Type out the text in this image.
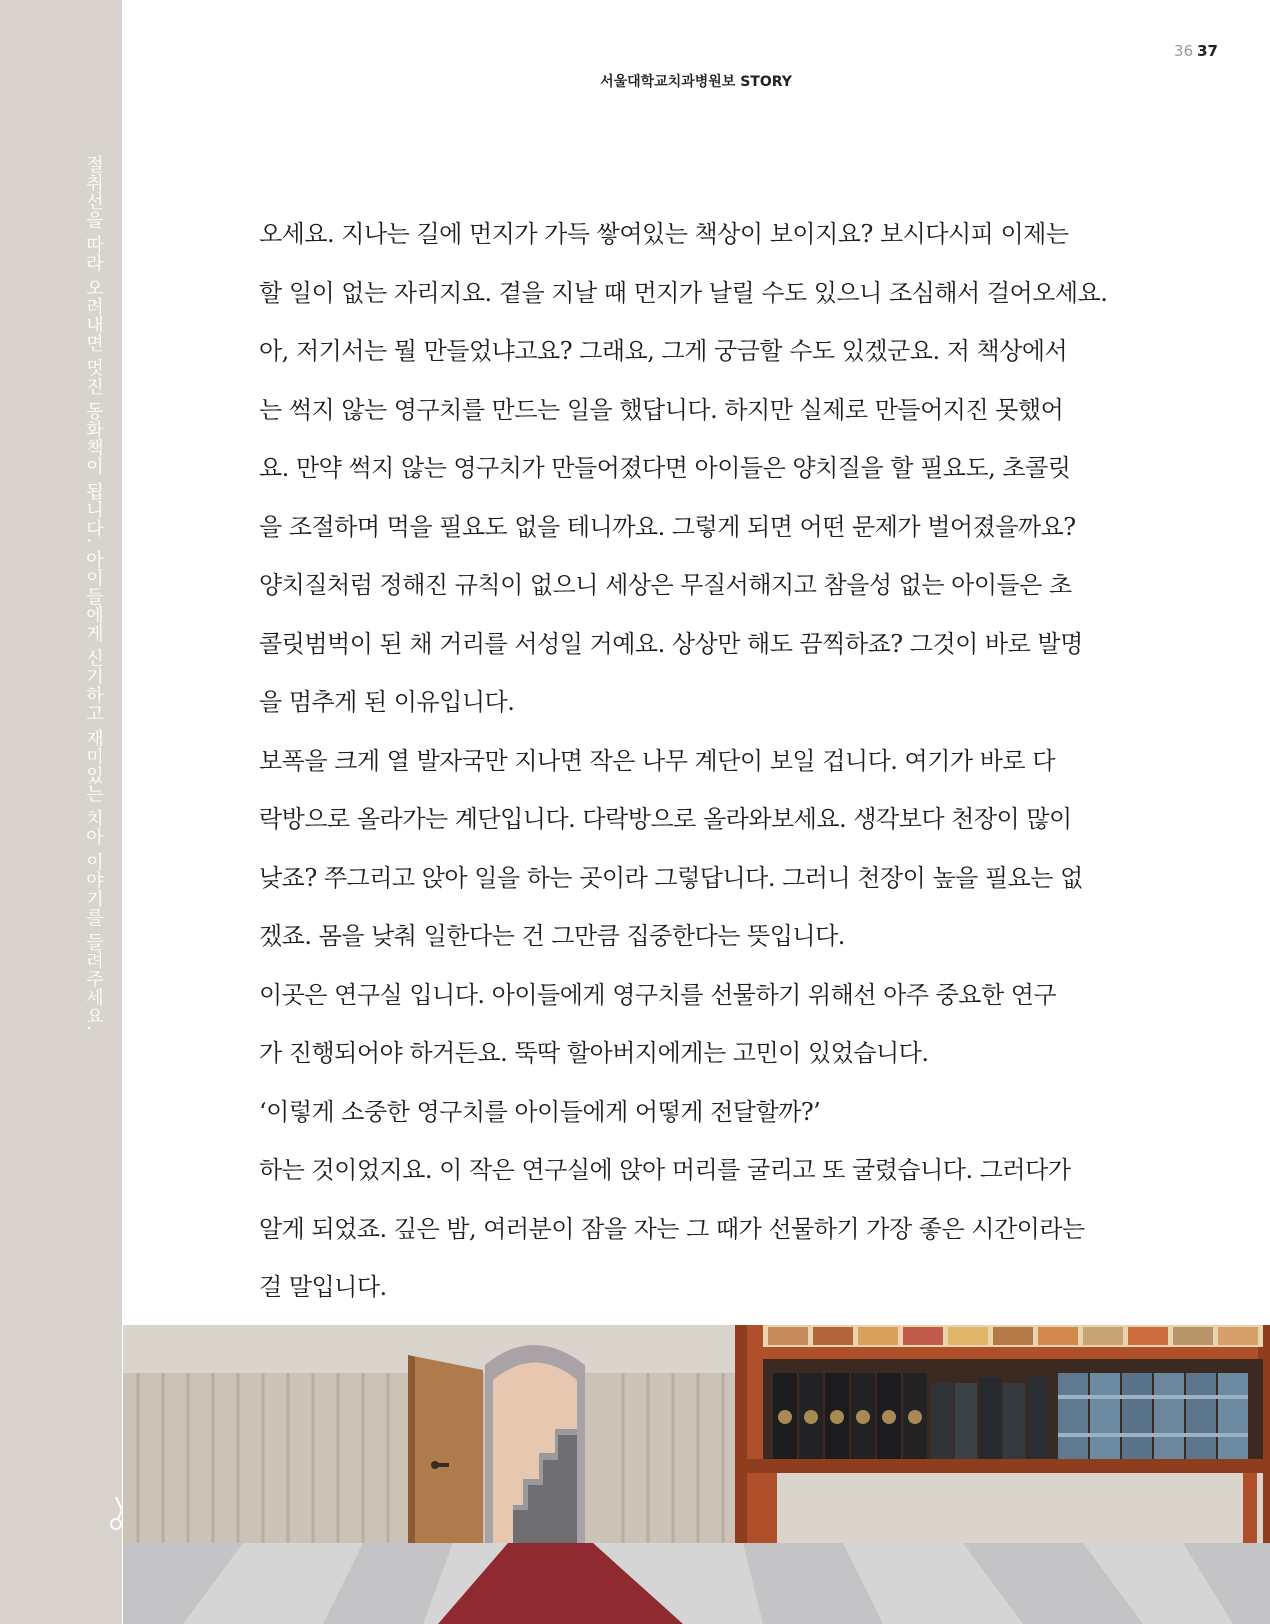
절취선을 따라 오려내면 멋진 동화책이 됩니다. 아이들에게 신기하고 재미있는 치아 이야기를 들려주세요.
36 37
서울대학교치과병원보 STORY
오세요. 지나는 길에 먼지가 가득 쌓여있는 책상이 보이지요? 보시다시피 이제는
할 일이 없는 자리지요. 곁을 지날 때 먼지가 날릴 수도 있으니 조심해서 걸어오세요.
아, 저기서는 뭘 만들었냐고요? 그래요, 그게 궁금할 수도 있겠군요. 저 책상에서
는 썩지 않는 영구치를 만드는 일을 했답니다. 하지만 실제로 만들어지진 못했어
요. 만약 썩지 않는 영구치가 만들어졌다면 아이들은 양치질을 할 필요도, 초콜릿
을 조절하며 먹을 필요도 없을 테니까요. 그렇게 되면 어떤 문제가 벌어졌을까요?
양치질처럼 정해진 규칙이 없으니 세상은 무질서해지고 참을성 없는 아이들은 초
콜릿범벅이 된 채 거리를 서성일 거예요. 상상만 해도 끔찍하죠? 그것이 바로 발명
을 멈추게 된 이유입니다.
보폭을 크게 열 발자국만 지나면 작은 나무 계단이 보일 겁니다. 여기가 바로 다
락방으로 올라가는 계단입니다. 다락방으로 올라와보세요. 생각보다 천장이 많이
낮죠? 쭈그리고 앉아 일을 하는 곳이라 그렇답니다. 그러니 천장이 높을 필요는 없
겠죠. 몸을 낮춰 일한다는 건 그만큼 집중한다는 뜻입니다.
이곳은 연구실 입니다. 아이들에게 영구치를 선물하기 위해선 아주 중요한 연구
가 진행되어야 하거든요. 뚝딱 할아버지에게는 고민이 있었습니다.
‘이렇게 소중한 영구치를 아이들에게 어떻게 전달할까?’
하는 것이었지요. 이 작은 연구실에 앉아 머리를 굴리고 또 굴렸습니다. 그러다가
알게 되었죠. 깊은 밤, 여러분이 잠을 자는 그 때가 선물하기 가장 좋은 시간이라는
걸 말입니다.
